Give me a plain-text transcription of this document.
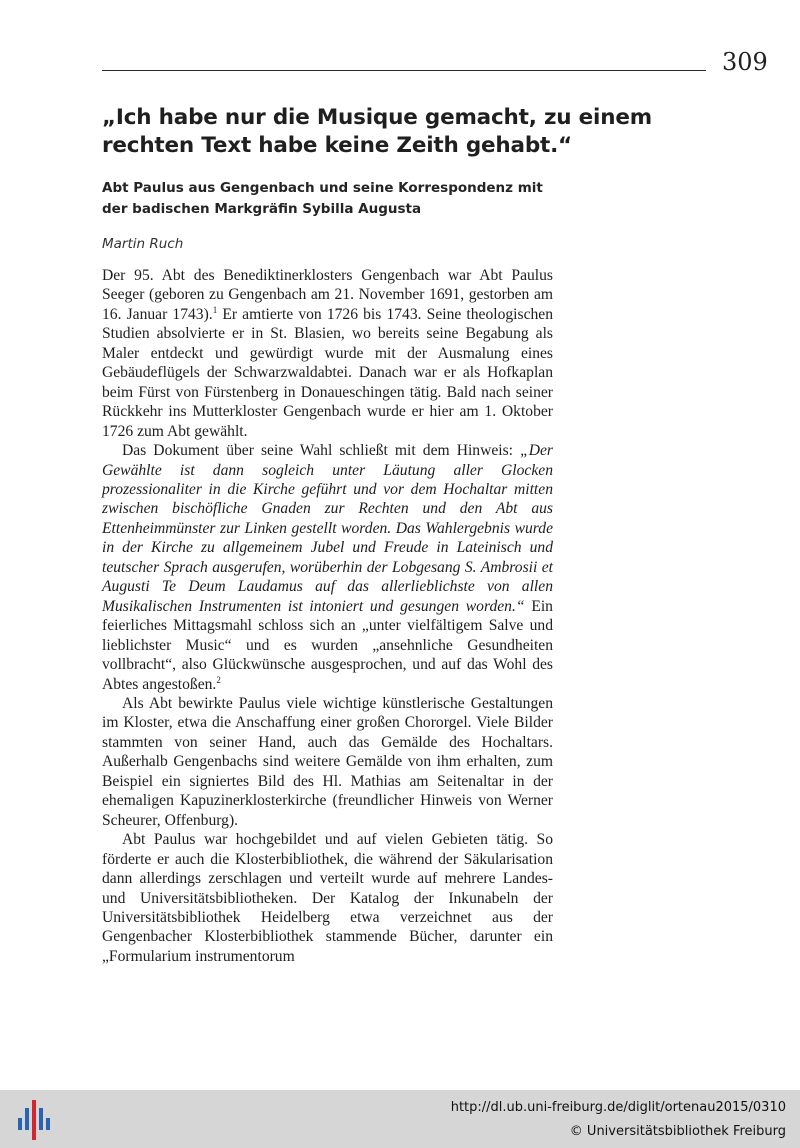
309
„Ich habe nur die Musique gemacht, zu einem rechten Text habe keine Zeith gehabt.“
Abt Paulus aus Gengenbach und seine Korrespondenz mit der badischen Markgräfin Sybilla Augusta
Martin Ruch

Der 95. Abt des Benediktinerklosters Gengenbach war Abt Paulus Seeger (geboren zu Gengenbach am 21. November 1691, gestorben am 16. Januar 1743).$^1$ Er amtierte von 1726 bis 1743. Seine theologischen Studien absolvierte er in St. Blasien, wo bereits seine Begabung als Maler entdeckt und gewürdigt wurde mit der Ausmalung eines Gebäudeflügels der Schwarzwaldabtei. Danach war er als Hofkaplan beim Fürst von Fürstenberg in Donaueschingen tätig. Bald nach seiner Rückkehr ins Mutterkloster Gengenbach wurde er hier am 1. Oktober 1726 zum Abt gewählt.

Das Dokument über seine Wahl schließt mit dem Hinweis: „Der Gewählte ist dann sogleich unter Läutung aller Glocken prozessionaliter in die Kirche geführt und vor dem Hochaltar mitten zwischen bischöfliche Gnaden zur Rechten und den Abt aus Ettenheimmünster zur Linken gestellt worden. Das Wahlergebnis wurde in der Kirche zu allgemeinem Jubel und Freude in Lateinisch und teutscher Sprach ausgerufen, worüberhin der Lobgesang S. Ambrosii et Augusti Te Deum Laudamus auf das allerlieblichste von allen Musikalischen Instrumenten ist intoniert und gesungen worden.“ Ein feierliches Mittagsmahl schloss sich an „unter vielfältigem Salve und lieblichster Music“ und es wurden „ansehnliche Gesundheiten vollbracht“, also Glückwünsche ausgesprochen, und auf das Wohl des Abtes angestoßen.$^2$

Als Abt bewirkte Paulus viele wichtige künstlerische Gestaltungen im Kloster, etwa die Anschaffung einer großen Chororgel. Viele Bilder stammten von seiner Hand, auch das Gemälde des Hochaltars. Außerhalb Gengenbachs sind weitere Gemälde von ihm erhalten, zum Beispiel ein signiertes Bild des Hl. Mathias am Seitenaltar in der ehemaligen Kapuzinerklosterkirche (freundlicher Hinweis von Werner Scheurer, Offenburg).

Abt Paulus war hochgebildet und auf vielen Gebieten tätig. So förderte er auch die Klosterbibliothek, die während der Säkularisation dann allerdings zerschlagen und verteilt wurde auf mehrere Landes- und Universitätsbibliotheken. Der Katalog der Inkunabeln der Universitätsbibliothek Heidelberg etwa verzeichnet aus der Gengenbacher Klosterbibliothek stammende Bücher, darunter ein „Formularium instrumentorum

http://dl.ub.uni-freiburg.de/diglit/ortenau2015/0310
© Universitätsbibliothek Freiburg
